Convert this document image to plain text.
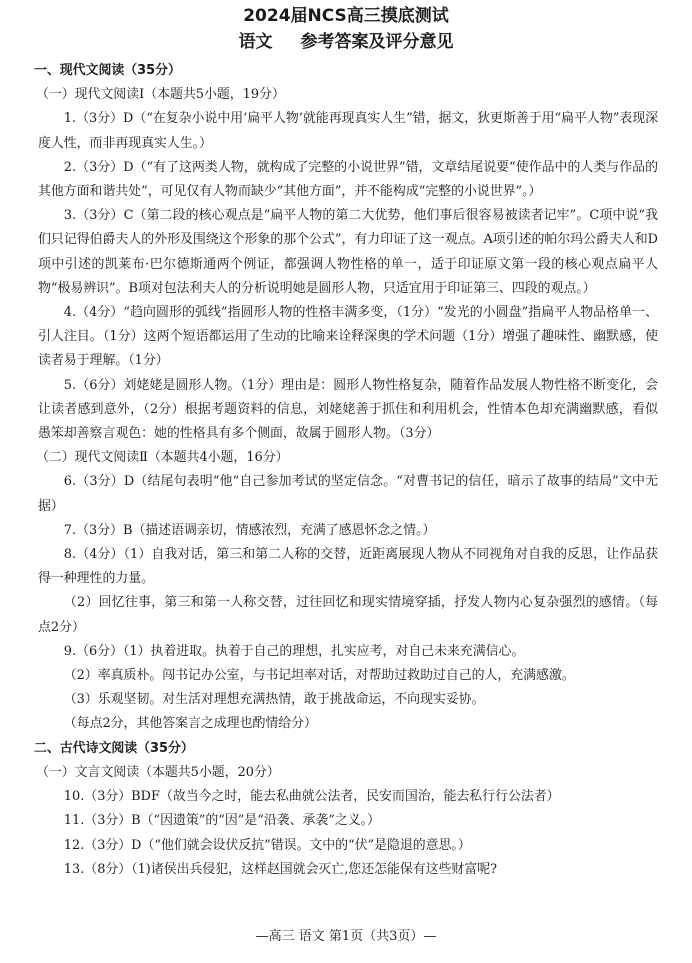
2024届NCS高三摸底测试
语文 参考答案及评分意见

一、现代文阅读（35分）

（一）现代文阅读Ⅰ（本题共5小题，19分）

1.（3分）D（“在复杂小说中用‘扁平人物’就能再现真实人生”错，据文，狄更斯善于用“扁平人物”表现深度人性，而非再现真实人生。）

2.（3分）D（“有了这两类人物，就构成了完整的小说世界”错，文章结尾说要“使作品中的人类与作品的其他方面和谐共处”，可见仅有人物而缺少“其他方面”，并不能构成“完整的小说世界”。）

3.（3分）C（第二段的核心观点是“扁平人物的第二大优势，他们事后很容易被读者记牢”。C项中说“我们只记得伯爵夫人的外形及围绕这个形象的那个公式”，有力印证了这一观点。A项引述的帕尔玛公爵夫人和D项中引述的凯莱布·巴尔德斯通两个例证，都强调人物性格的单一，适于印证原文第一段的核心观点扁平人物“极易辨识”。B项对包法利夫人的分析说明她是圆形人物，只适宜用于印证第三、四段的观点。）

4.（4分）“趋向圆形的弧线”指圆形人物的性格丰满多变，（1分）“发光的小圆盘”指扁平人物品格单一、引人注目。（1分）这两个短语都运用了生动的比喻来诠释深奥的学术问题（1分）增强了趣味性、幽默感，使读者易于理解。（1分）

5.（6分）刘姥姥是圆形人物。（1分）理由是：圆形人物性格复杂，随着作品发展人物性格不断变化，会让读者感到意外，（2分）根据考题资料的信息，刘姥姥善于抓住和利用机会，性情本色却充满幽默感，看似愚笨却善察言观色：她的性格具有多个侧面，故属于圆形人物。（3分）

（二）现代文阅读Ⅱ（本题共4小题，16分）

6.（3分）D（结尾句表明“他”自己参加考试的坚定信念。“对曹书记的信任，暗示了故事的结局”文中无据）

7.（3分）B（描述语调亲切，情感浓烈，充满了感恩怀念之情。）

8.（4分）（1）自我对话，第三和第二人称的交替，近距离展现人物从不同视角对自我的反思，让作品获得一种理性的力量。

（2）回忆往事，第三和第一人称交替，过往回忆和现实情境穿插，抒发人物内心复杂强烈的感情。（每点2分）

9.（6分）（1）执着进取。执着于自己的理想，扎实应考，对自己未来充满信心。

（2）率真质朴。闯书记办公室，与书记坦率对话，对帮助过救助过自己的人，充满感激。

（3）乐观坚韧。对生活对理想充满热情，敢于挑战命运，不向现实妥协。

（每点2分，其他答案言之成理也酌情给分）

二、古代诗文阅读（35分）

（一）文言文阅读（本题共5小题，20分）

10.（3分）BDF（故当今之时，能去私曲就公法者，民安而国治，能去私行行公法者）

11.（3分）B（“因遗策”的“因”是“沿袭、承袭”之义。）

12.（3分）D（“他们就会设伏反抗”错误。文中的“伏”是隐退的意思。）

13.（8分）（1)诸侯出兵侵犯，这样赵国就会灭亡,您还怎能保有这些财富呢?

—高三 语文 第1页（共3页）—
